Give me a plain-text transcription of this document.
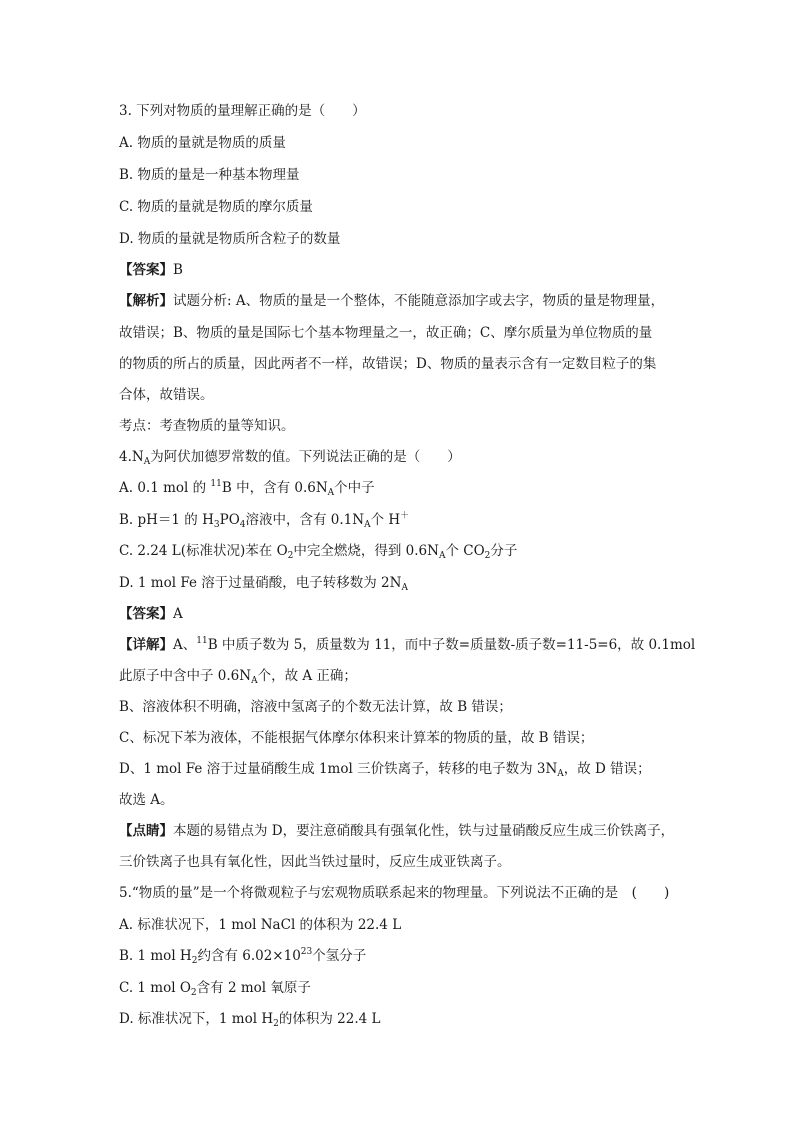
3. 下列对物质的量理解正确的是（　　）
A. 物质的量就是物质的质量
B. 物质的量是一种基本物理量
C. 物质的量就是物质的摩尔质量
D. 物质的量就是物质所含粒子的数量
【答案】B
【解析】试题分析: A、物质的量是一个整体，不能随意添加字或去字，物质的量是物理量，
故错误；B、物质的量是国际七个基本物理量之一，故正确；C、摩尔质量为单位物质的量
的物质的所占的质量，因此两者不一样，故错误；D、物质的量表示含有一定数目粒子的集
合体，故错误。
考点：考查物质的量等知识。
$4.N_A$为阿伏加德罗常数的值。下列说法正确的是（　　）
A. 0.1 mol 的 $^{11}$B 中，含有 $0.6N_A$个中子
B. pH＝1 的 $H_3PO_4$溶液中，含有 $0.1N_A$个 H＋
C. 2.24 L(标准状况)苯在 $O_2$中完全燃烧，得到 $0.6N_A$个 $CO_2$分子
D. 1 mol Fe 溶于过量硝酸，电子转移数为 $2N_A$
【答案】A
【详解】A、$^{11}$B 中质子数为 5，质量数为 11，而中子数=质量数-质子数=11-5=6，故 0.1mol
此原子中含中子 $0.6N_A$个，故 A 正确；
B、溶液体积不明确，溶液中氢离子的个数无法计算，故 B 错误；
C、标况下苯为液体，不能根据气体摩尔体积来计算苯的物质的量，故 B 错误；
D、1 mol Fe 溶于过量硝酸生成 1mol 三价铁离子，转移的电子数为 $3N_A$，故 D 错误；
故选 A。
【点睛】本题的易错点为 D，要注意硝酸具有强氧化性，铁与过量硝酸反应生成三价铁离子，
三价铁离子也具有氧化性，因此当铁过量时，反应生成亚铁离子。
5.“物质的量”是一个将微观粒子与宏观物质联系起来的物理量。下列说法不正确的是　(　　)
A. 标准状况下，1 mol NaCl 的体积为 22.4 L
B. 1 mol $H_2$约含有 $6.02\times 10^{23}$个氢分子
C. 1 mol $O_2$含有 2 mol 氧原子
D. 标准状况下，1 mol $H_2$的体积为 22.4 L
